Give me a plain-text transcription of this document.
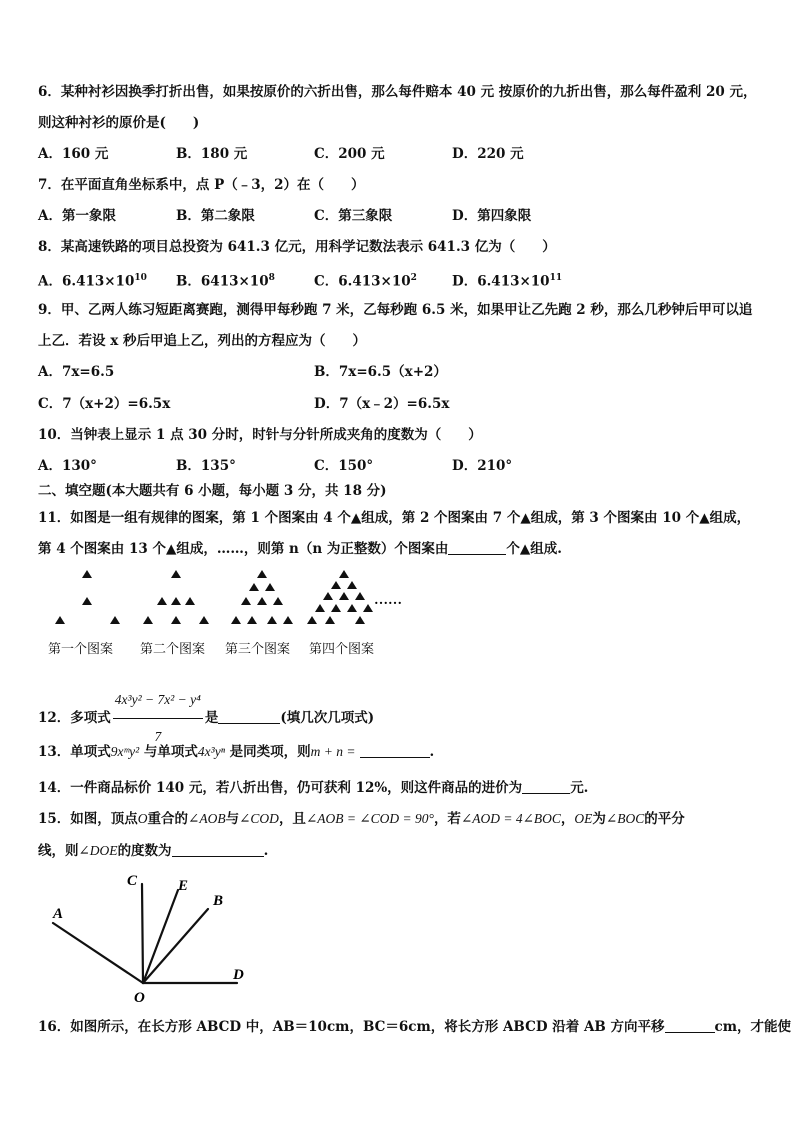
6．某种衬衫因换季打折出售，如果按原价的六折出售，那么每件赔本 40 元 按原价的九折出售，那么每件盈利 20 元，
则这种衬衫的原价是(　　)
A．160 元	B．180 元	C．200 元	D．220 元
7．在平面直角坐标系中，点 P（﹣3，2）在（　　）
A．第一象限	B．第二象限	C．第三象限	D．第四象限
8．某高速铁路的项目总投资为 641.3 亿元，用科学记数法表示 641.3 亿为（　　）
A．$6.413\times 10^{10}$ B．$6413\times 10^8$	C．$6.413\times 10^2$	D．$6.413\times 10^{11}$
9．甲、乙两人练习短距离赛跑，测得甲每秒跑 7 米，乙每秒跑 6.5 米，如果甲让乙先跑 2 秒，那么几秒钟后甲可以追
上乙．若设 x 秒后甲追上乙，列出的方程应为（　　）
A．7x=6.5	B．7x=6.5（x+2）
C．7（x+2）=6.5x	D．7（x﹣2）=6.5x
10．当钟表上显示 1 点 30 分时，时针与分针所成夹角的度数为（　　）
A．130°	B．135°	C．150°	D．210°
二、填空题(本大题共有 6 小题，每小题 3 分，共 18 分)
11．如图是一组有规律的图案，第 1 个图案由 4 个▲组成，第 2 个图案由 7 个▲组成，第 3 个图案由 10 个▲组成，
第 4 个图案由 13 个▲组成，……，则第 n（n 为正整数）个图案由	个▲组成.
……
第一个图案 第二个图案 第三个图案 第四个图案
12．多项式 $\frac{\text{4x³y² − 7x² − y⁴}}{7}$ 是	(填几次几项式)
13．单项式9xᵐy² 与单项式4x³yⁿ 是同类项，则m + n =	.
14．一件商品标价 140 元，若八折出售，仍可获利 12%，则这件商品的进价为	元.
15．如图，顶点O重合的∠AOB与∠COD，且∠AOB = ∠COD = 90°，若∠AOD = 4∠BOC，OE为∠BOC的平分
线，则∠DOE的度数为	.
A
C	E
B
D
O
16．如图所示，在长方形 ABCD 中，AB＝10cm，BC＝6cm，将长方形 ABCD 沿着 AB 方向平移	cm，才能使
